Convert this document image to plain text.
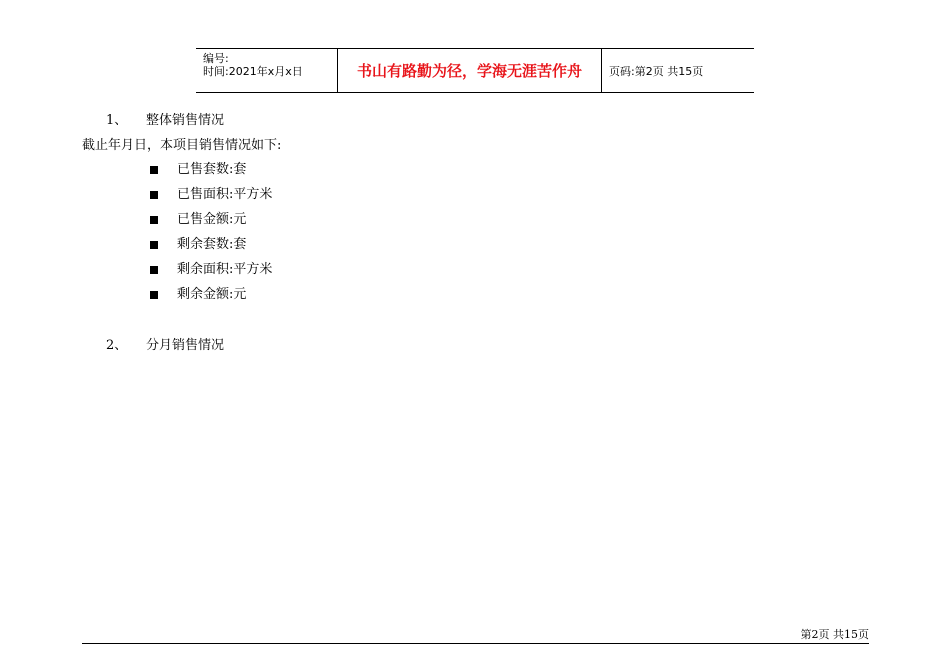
编号:
时间:2021年x月x日	书山有路勤为径，学海无涯苦作舟 页码:第2页 共15页
1、 整体销售情况
截止年月日，本项目销售情况如下:
已售套数:套
已售面积:平方米
已售金额:元
剩余套数:套
剩余面积:平方米
剩余金额:元
2、 分月销售情况
第2页 共15页
